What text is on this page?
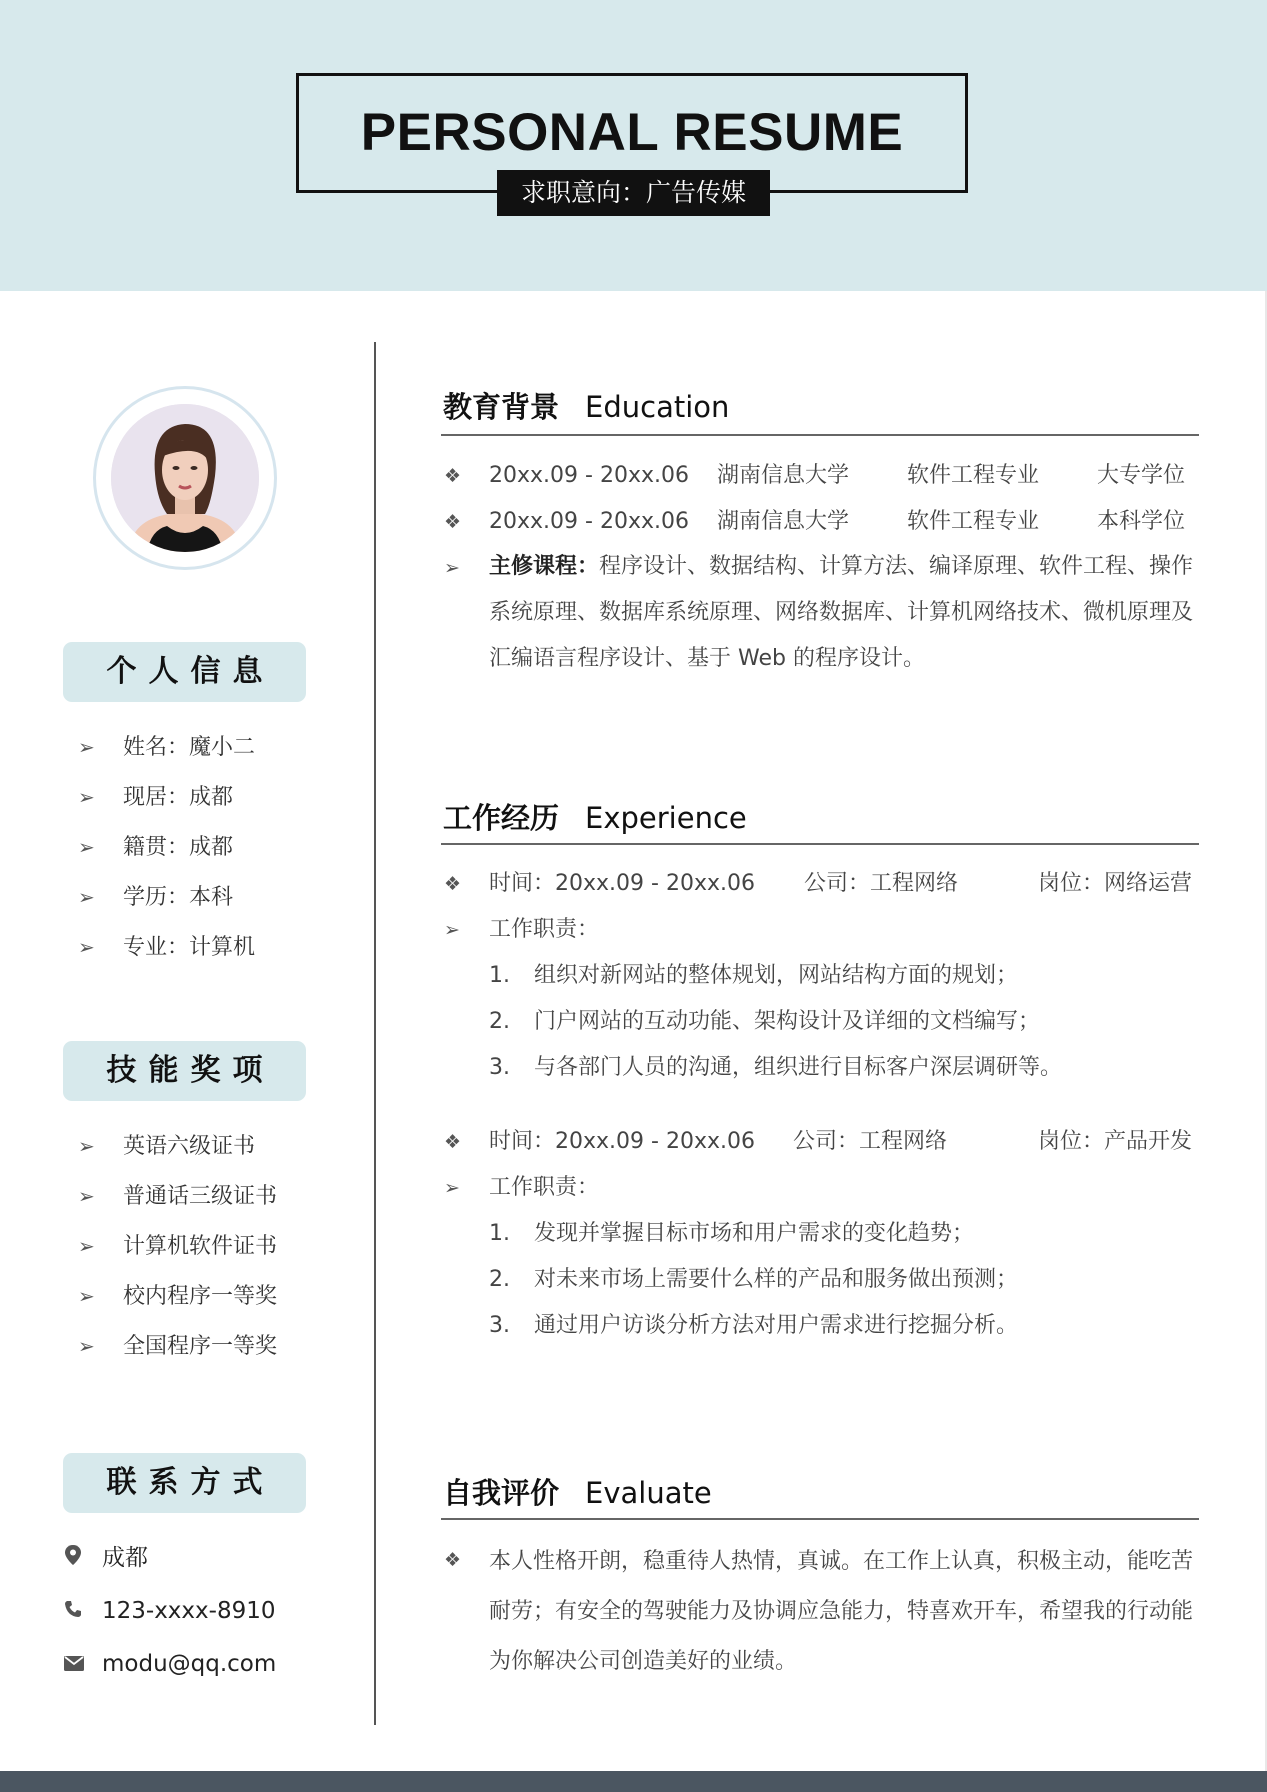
PERSONAL RESUME
求职意向：广告传媒
个人信息
➢ 姓名：魔小二
➢ 现居：成都
➢ 籍贯：成都
➢ 学历：本科
➢ 专业：计算机
技能奖项
➢ 英语六级证书
➢ 普通话三级证书
➢ 计算机软件证书
➢ 校内程序一等奖
➢ 全国程序一等奖
联系方式
成都
123-xxxx-8910
modu@qq.com
教育背景 Education
❖ 20xx.09 - 20xx.06 湖南信息大学	软件工程专业	大专学位
❖ 20xx.09 - 20xx.06 湖南信息大学	软件工程专业	本科学位
➢	主修课程：程序设计、数据结构、计算方法、编译原理、软件工程、操作系统原理、数据库系统原理、网络数据库、计算机网络技术、微机原理及汇编语言程序设计、基于 Web 的程序设计。
工作经历 Experience
❖ 时间：20xx.09 - 20xx.06 公司：工程网络	岗位：网络运营
➢ 工作职责：
1. 组织对新网站的整体规划，网站结构方面的规划；
2. 门户网站的互动功能、架构设计及详细的文档编写；
3. 与各部门人员的沟通，组织进行目标客户深层调研等。
❖ 时间：20xx.09 - 20xx.06 公司：工程网络	岗位：产品开发
➢ 工作职责：
1. 发现并掌握目标市场和用户需求的变化趋势；
2. 对未来市场上需要什么样的产品和服务做出预测；
3. 通过用户访谈分析方法对用户需求进行挖掘分析。
自我评价 Evaluate
❖	本人性格开朗，稳重待人热情，真诚。在工作上认真，积极主动，能吃苦耐劳；有安全的驾驶能力及协调应急能力，特喜欢开车，希望我的行动能为你解决公司创造美好的业绩。
